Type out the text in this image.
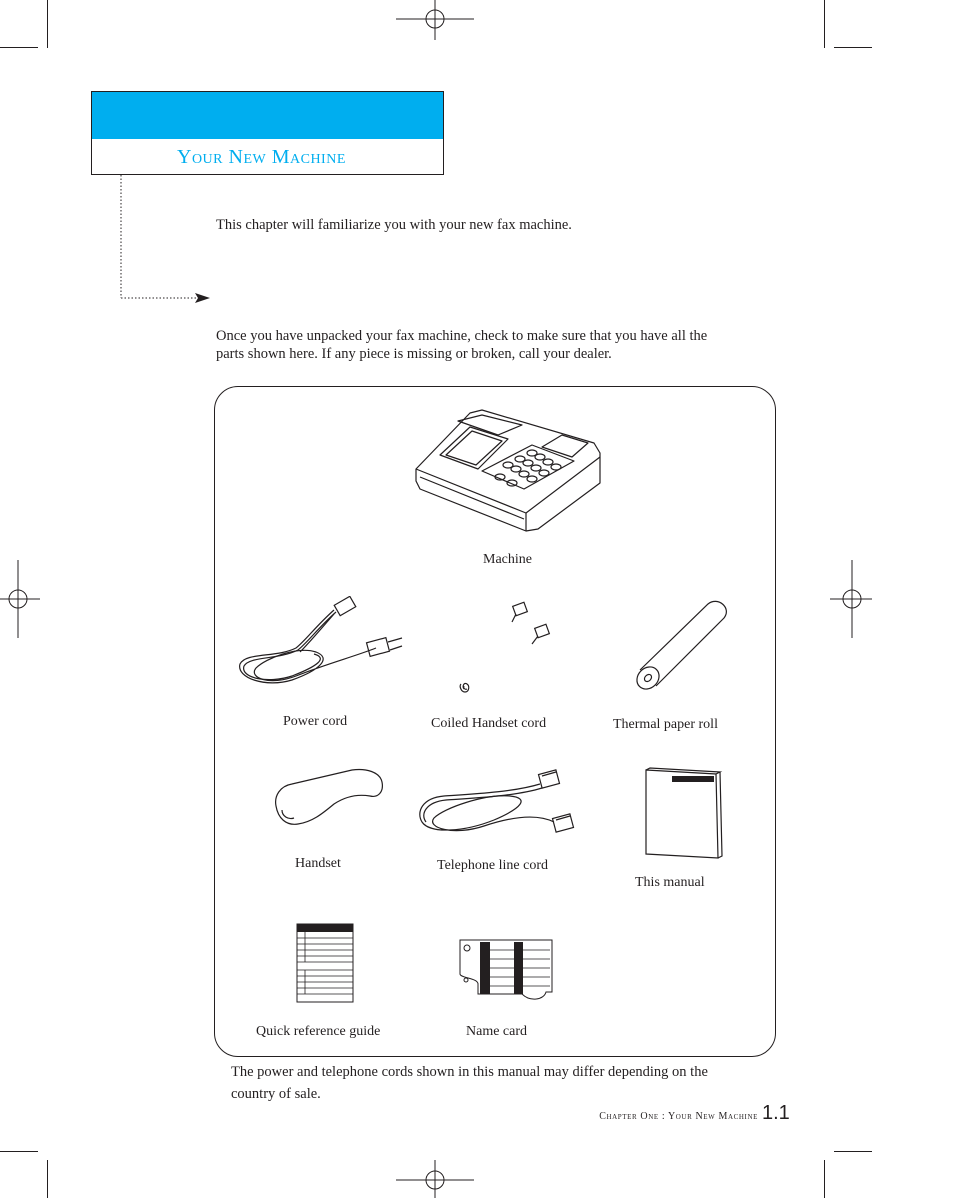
Your New Machine
This chapter will familiarize you with your new fax machine.
Once you have unpacked your fax machine, check to make sure that you have all the
parts shown here. If any piece is missing or broken, call your dealer.
Machine
Power cord	Coiled Handset cord	Thermal paper roll
Handset	Telephone line cord
This manual
Quick reference guide	Name card
The power and telephone cords shown in this manual may differ depending on the
country of sale.
Chapter One : Your New Machine 1.1
